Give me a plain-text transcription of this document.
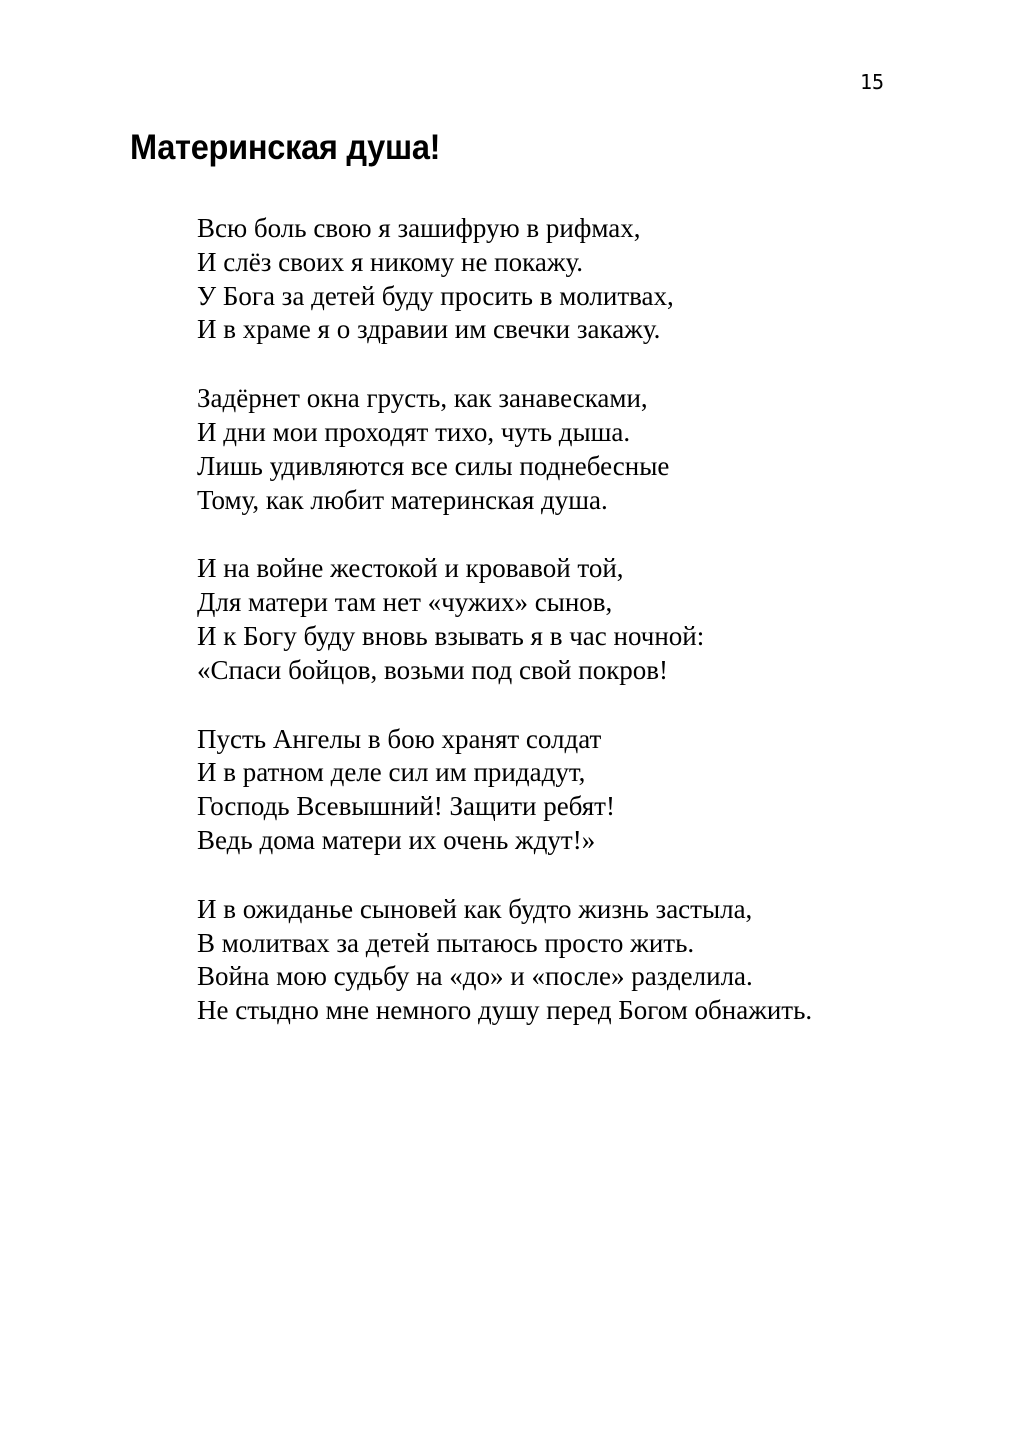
15
Материнская душа!
Всю боль свою я зашифрую в рифмах,
И слёз своих я никому не покажу.
У Бога за детей буду просить в молитвах,
И в храме я о здравии им свечки закажу.
Задёрнет окна грусть, как занавесками,
И дни мои проходят тихо, чуть дыша.
Лишь удивляются все силы поднебесные
Тому, как любит материнская душа.
И на войне жестокой и кровавой той,
Для матери там нет «чужих» сынов,
И к Богу буду вновь взывать я в час ночной:
«Спаси бойцов, возьми под свой покров!
Пусть Ангелы в бою хранят солдат
И в ратном деле сил им придадут,
Господь Всевышний! Защити ребят!
Ведь дома матери их очень ждут!»
И в ожиданье сыновей как будто жизнь застыла,
В молитвах за детей пытаюсь просто жить.
Война мою судьбу на «до» и «после» разделила.
Не стыдно мне немного душу перед Богом обнажить.
